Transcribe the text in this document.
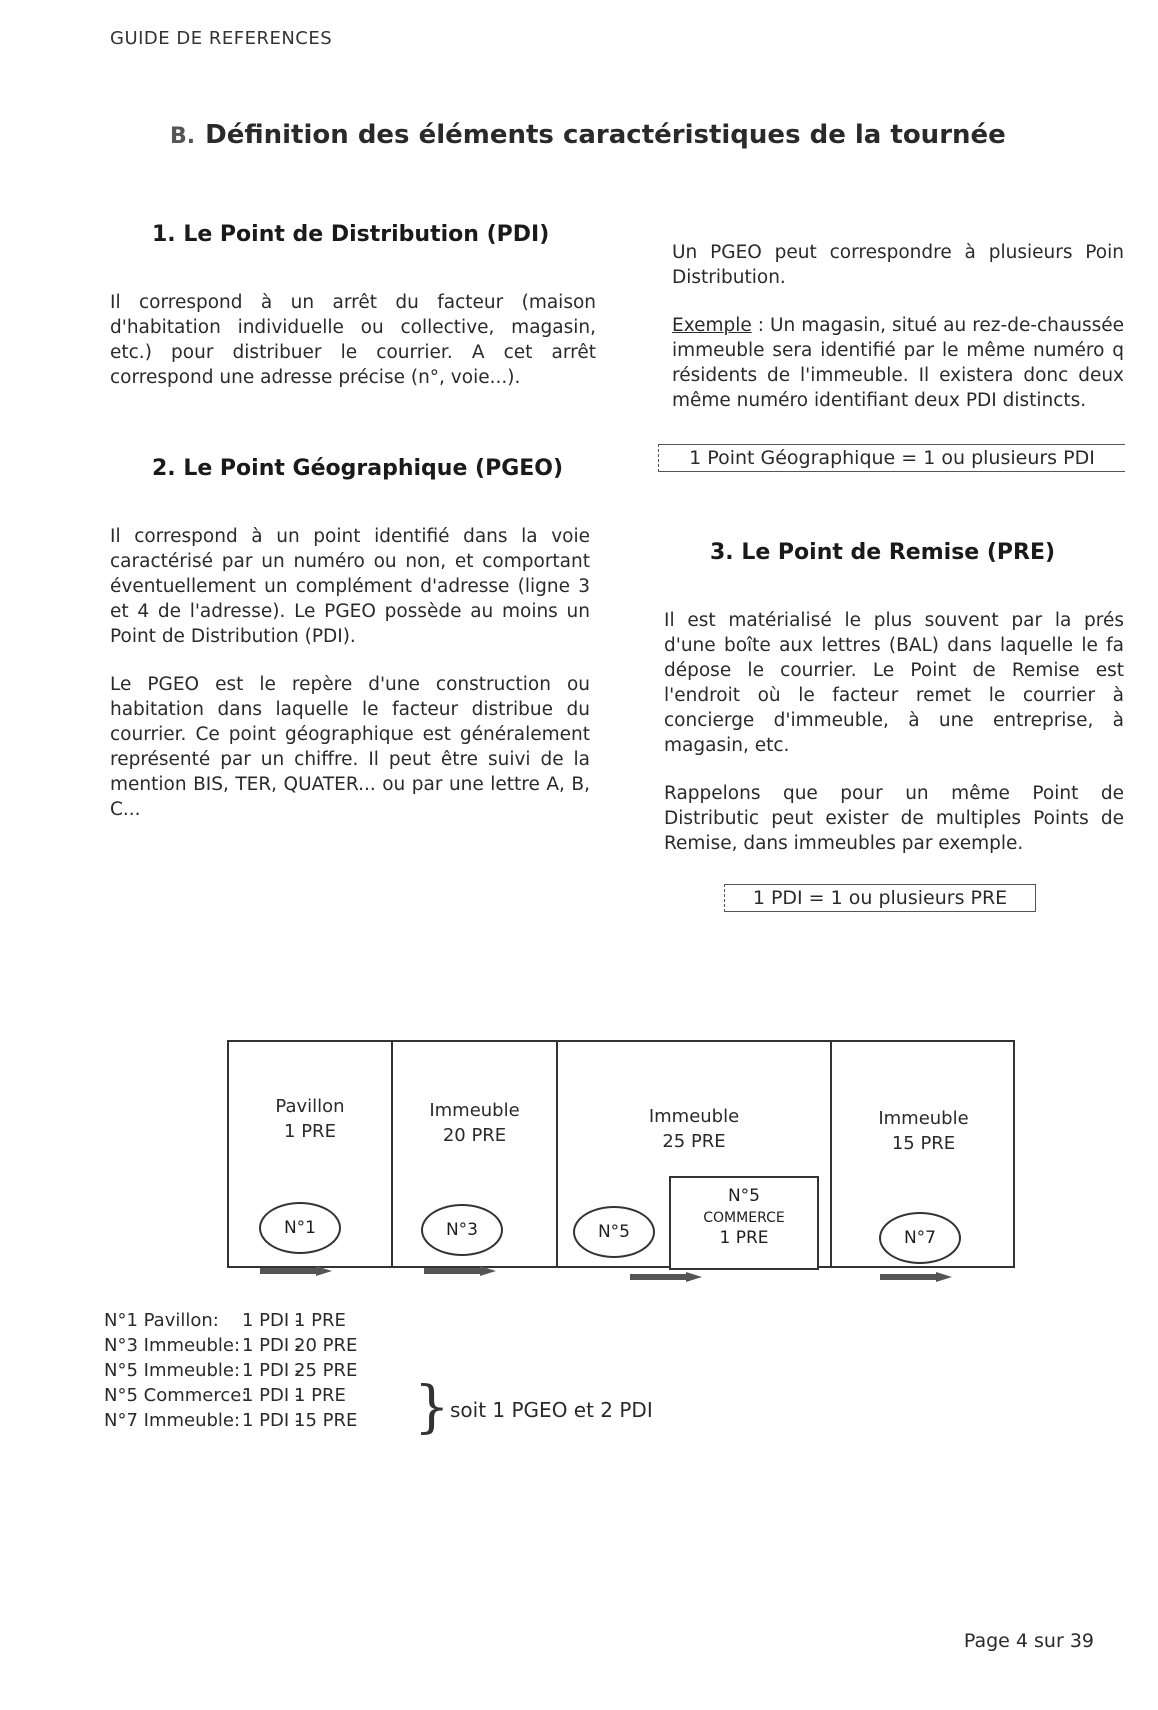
GUIDE DE REFERENCES
B. Définition des éléments caractéristiques de la tournée
1. Le Point de Distribution (PDI)

Il correspond à un arrêt du facteur (maison d'habitation individuelle ou collective, magasin, etc.) pour distribuer le courrier. A cet arrêt correspond une adresse précise (n°, voie...).

2. Le Point Géographique (PGEO)

Il correspond à un point identifié dans la voie caractérisé par un numéro ou non, et comportant éventuellement un complément d'adresse (ligne 3 et 4 de l'adresse). Le PGEO possède au moins un Point de Distribution (PDI).

Le PGEO est le repère d'une construction ou habitation dans laquelle le facteur distribue du courrier. Ce point géographique est généralement représenté par un chiffre. Il peut être suivi de la mention BIS, TER, QUATER... ou par une lettre A, B, C...

Un PGEO peut correspondre à plusieurs Poin Distribution.

Exemple : Un magasin, situé au rez-de-chaussée immeuble sera identifié par le même numéro q résidents de l'immeuble. Il existera donc deux même numéro identifiant deux PDI distincts.

1 Point Géographique = 1 ou plusieurs PDI
3. Le Point de Remise (PRE)

Il est matérialisé le plus souvent par la prés d'une boîte aux lettres (BAL) dans laquelle le fa dépose le courrier. Le Point de Remise est l'endroit où le facteur remet le courrier à concierge d'immeuble, à une entreprise, à magasin, etc.

Rappelons que pour un même Point de Distributic peut exister de multiples Points de Remise, dans immeubles par exemple.

1 PDI = 1 ou plusieurs PRE
Pavillon
1 PRE
Immeuble
20 PRE
Immeuble
25 PRE
Immeuble
15 PRE
N°1	N°3	N°5	N°7
N°5
COMMERCE
1 PRE
N°1 Pavillon: 1 PDI -1 PRE
N°3 Immeuble: 1 PDI -20 PRE
N°5 Immeuble: 1 PDI -25 PRE
N°5 Commerce:1 PDI -1 PRE
N°7 Immeuble: 1 PDI -15 PRE } soit 1 PGEO et 2 PDI
Page 4 sur 39
